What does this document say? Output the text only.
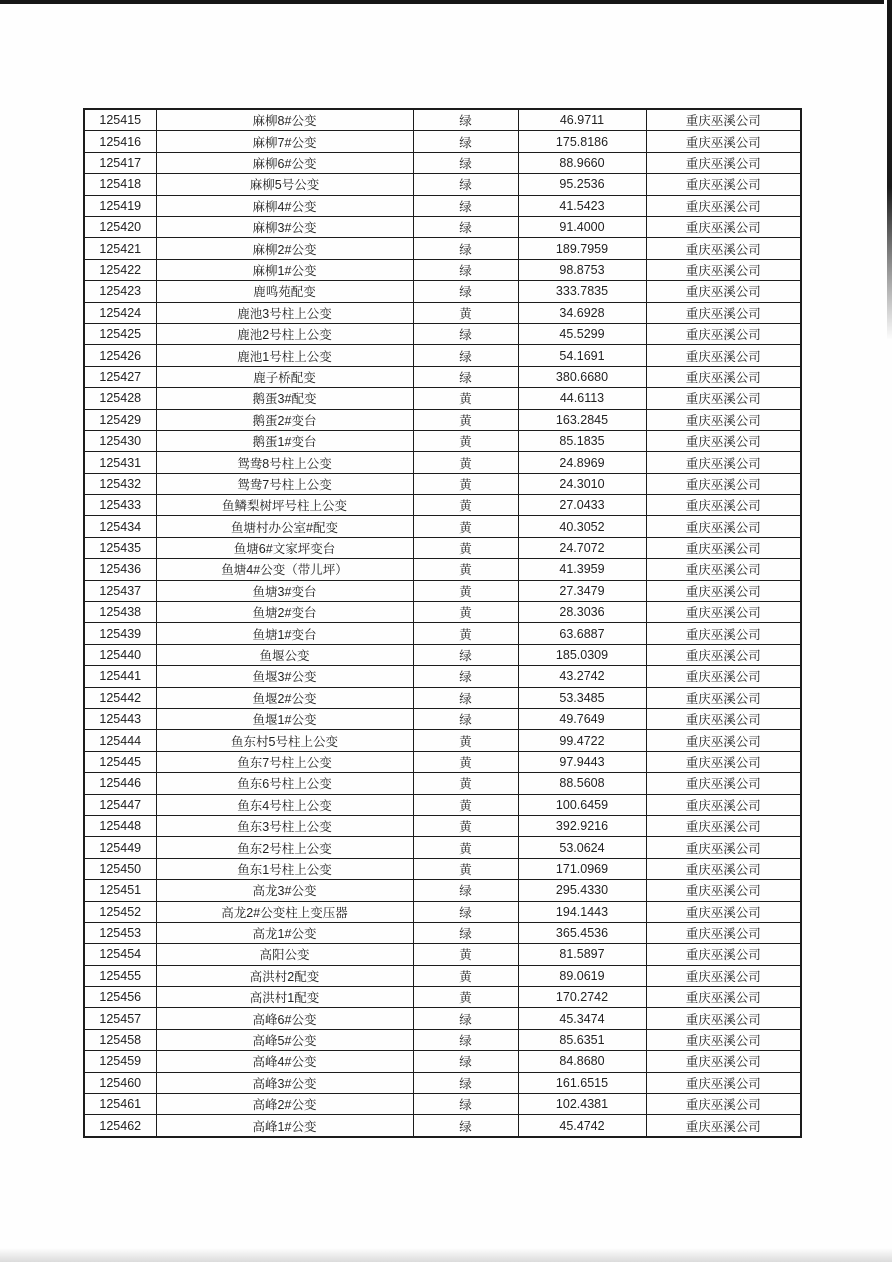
125415	麻柳8#公变	绿	46.9711	重庆巫溪公司
125416	麻柳7#公变	绿	175.8186	重庆巫溪公司
125417	麻柳6#公变	绿	88.9660	重庆巫溪公司
125418	麻柳5号公变	绿	95.2536	重庆巫溪公司
125419	麻柳4#公变	绿	41.5423	重庆巫溪公司
125420	麻柳3#公变	绿	91.4000	重庆巫溪公司
125421	麻柳2#公变	绿	189.7959	重庆巫溪公司
125422	麻柳1#公变	绿	98.8753	重庆巫溪公司
125423	鹿鸣苑配变	绿	333.7835	重庆巫溪公司
125424	鹿池3号柱上公变	黄	34.6928	重庆巫溪公司
125425	鹿池2号柱上公变	绿	45.5299	重庆巫溪公司
125426	鹿池1号柱上公变	绿	54.1691	重庆巫溪公司
125427	鹿子桥配变	绿	380.6680	重庆巫溪公司
125428	鹅蛋3#配变	黄	44.6113	重庆巫溪公司
125429	鹅蛋2#变台	黄	163.2845	重庆巫溪公司
125430	鹅蛋1#变台	黄	85.1835	重庆巫溪公司
125431	鸳鸯8号柱上公变	黄	24.8969	重庆巫溪公司
125432	鸳鸯7号柱上公变	黄	24.3010	重庆巫溪公司
125433	鱼鳞梨树坪号柱上公变	黄	27.0433	重庆巫溪公司
125434	鱼塘村办公室#配变	黄	40.3052	重庆巫溪公司
125435	鱼塘6#文家坪变台	黄	24.7072	重庆巫溪公司
125436	鱼塘4#公变（带儿坪）	黄	41.3959	重庆巫溪公司
125437	鱼塘3#变台	黄	27.3479	重庆巫溪公司
125438	鱼塘2#变台	黄	28.3036	重庆巫溪公司
125439	鱼塘1#变台	黄	63.6887	重庆巫溪公司
125440	鱼堰公变	绿	185.0309	重庆巫溪公司
125441	鱼堰3#公变	绿	43.2742	重庆巫溪公司
125442	鱼堰2#公变	绿	53.3485	重庆巫溪公司
125443	鱼堰1#公变	绿	49.7649	重庆巫溪公司
125444	鱼东村5号柱上公变	黄	99.4722	重庆巫溪公司
125445	鱼东7号柱上公变	黄	97.9443	重庆巫溪公司
125446	鱼东6号柱上公变	黄	88.5608	重庆巫溪公司
125447	鱼东4号柱上公变	黄	100.6459	重庆巫溪公司
125448	鱼东3号柱上公变	黄	392.9216	重庆巫溪公司
125449	鱼东2号柱上公变	黄	53.0624	重庆巫溪公司
125450	鱼东1号柱上公变	黄	171.0969	重庆巫溪公司
125451	高龙3#公变	绿	295.4330	重庆巫溪公司
125452	高龙2#公变柱上变压器	绿	194.1443	重庆巫溪公司
125453	高龙1#公变	绿	365.4536	重庆巫溪公司
125454	高阳公变	黄	81.5897	重庆巫溪公司
125455	高洪村2配变	黄	89.0619	重庆巫溪公司
125456	高洪村1配变	黄	170.2742	重庆巫溪公司
125457	高峰6#公变	绿	45.3474	重庆巫溪公司
125458	高峰5#公变	绿	85.6351	重庆巫溪公司
125459	高峰4#公变	绿	84.8680	重庆巫溪公司
125460	高峰3#公变	绿	161.6515	重庆巫溪公司
125461	高峰2#公变	绿	102.4381	重庆巫溪公司
125462	高峰1#公变	绿	45.4742	重庆巫溪公司
